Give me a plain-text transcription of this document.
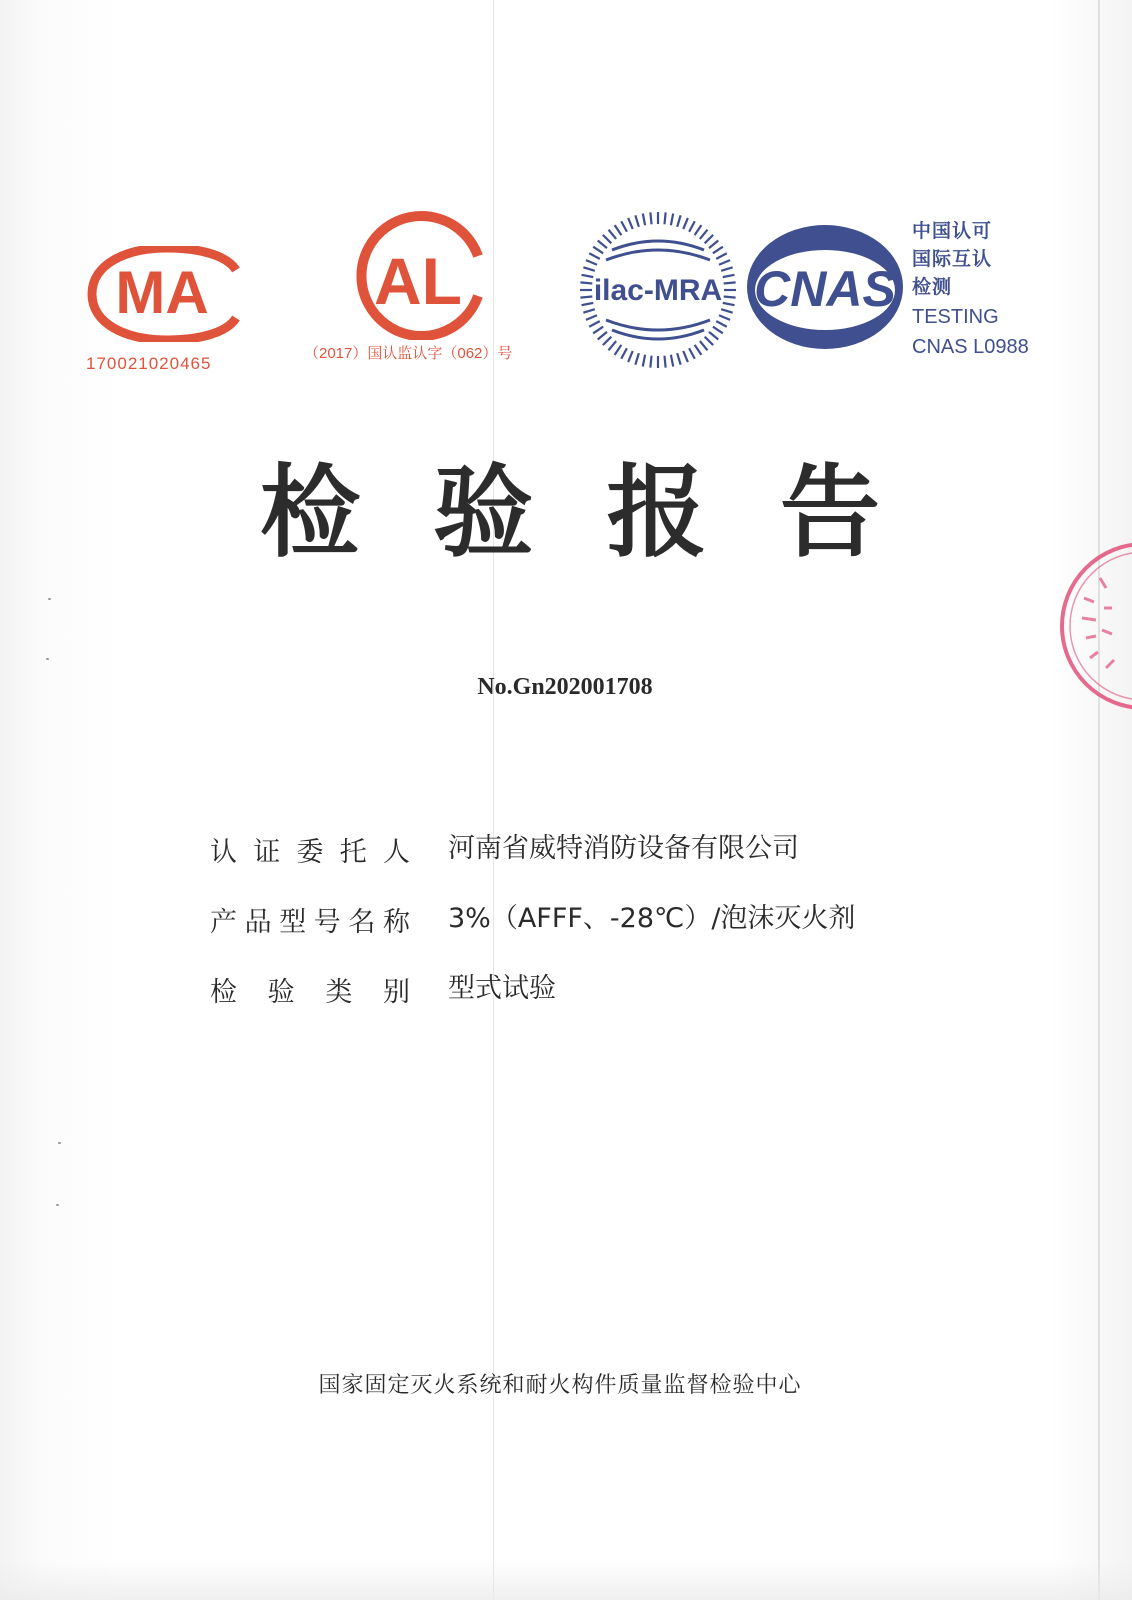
MA
170021020465
AL
（2017）国认监认字（062）号
ilac-MRA CNAS
中国认可
国际互认
检测
TESTING
CNAS L0988
检 验 报 告
No.Gn202001708
认证委托人 河南省威特消防设备有限公司
产品型号名称 3%（AFFF、-28℃）/泡沫灭火剂
检验类别 型式试验
国家固定灭火系统和耐火构件质量监督检验中心
